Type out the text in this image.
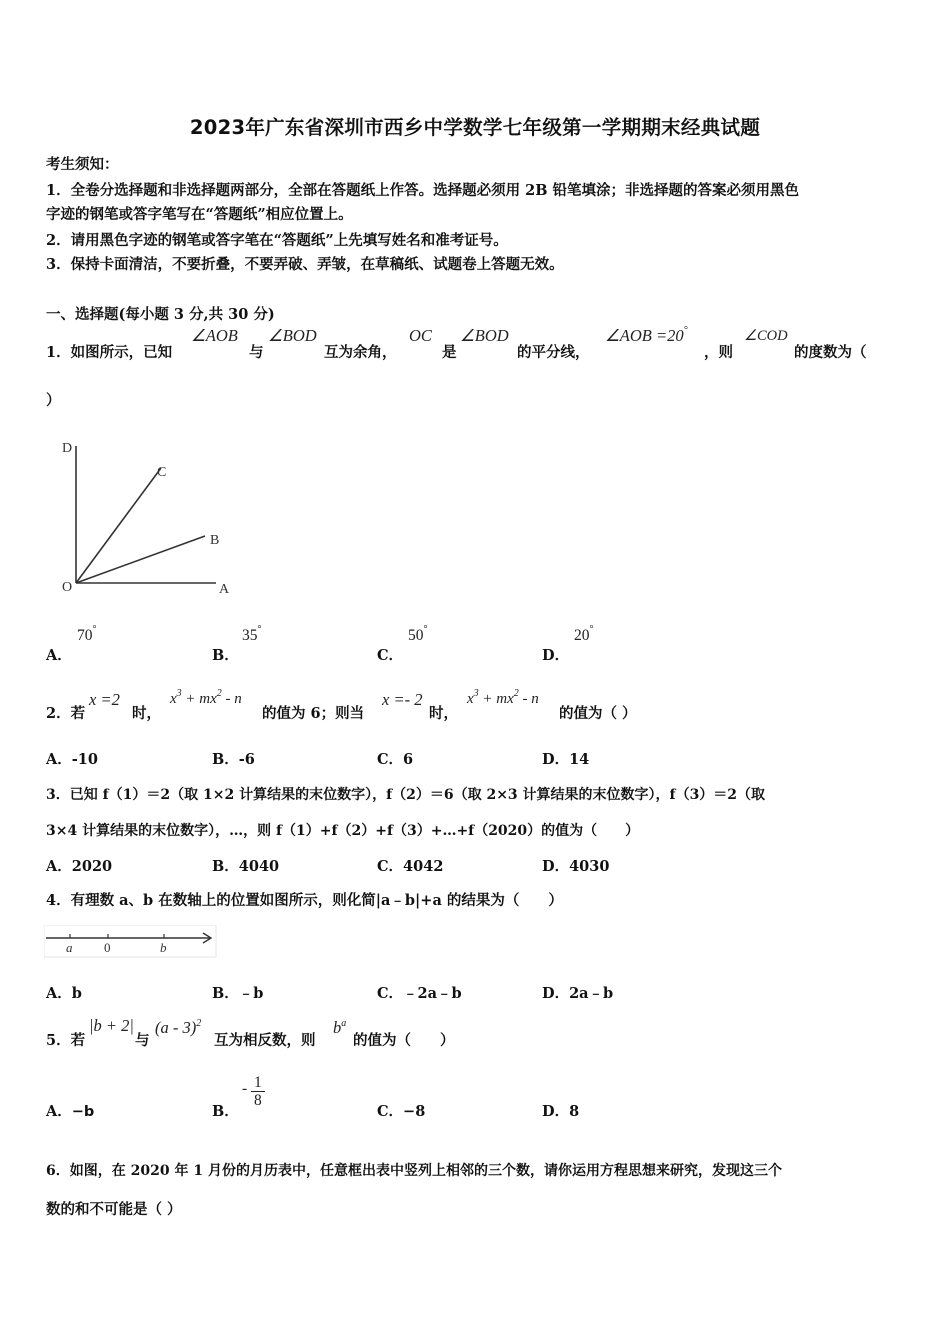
2023年广东省深圳市西乡中学数学七年级第一学期期末经典试题
考生须知：
1．全卷分选择题和非选择题两部分，全部在答题纸上作答。选择题必须用 2B 铅笔填涂；非选择题的答案必须用黑色
字迹的钢笔或答字笔写在“答题纸”相应位置上。
2．请用黑色字迹的钢笔或答字笔在“答题纸”上先填写姓名和准考证号。
3．保持卡面清洁，不要折叠，不要弄破、弄皱，在草稿纸、试题卷上答题无效。
一、选择题(每小题 3 分,共 30 分)
1．如图所示，已知
∠AOB
与
∠BOD
互为余角，
OC
是
∠BOD
的平分线，
∠AOB =20°
，则
∠COD
的度数为（
）
D
C
B
O	A
A．
70°
B．
35°
C．
50°
D．
20°
2．若
x =2
时，
$x^3 + mx^2 - n$
的值为 6；则当
x =- 2
时，
$x^3 + mx^2 - n$
的值为（ ）
A．-10	B．-6	C．6	D．14
3．已知 f（1）＝2（取 1×2 计算结果的末位数字），f（2）＝6（取 2×3 计算结果的末位数字），f（3）＝2（取
3×4 计算结果的末位数字），…，则 f（1）+f（2）+f（3）+…+f（2020）的值为（　　）
A．2020	B．4040	C．4042	D．4030
4．有理数 a、b 在数轴上的位置如图所示，则化简|a﹣b|+a 的结果为（　　）
a 0	b
A．b	B．﹣b	C．﹣2a﹣b	D．2a﹣b
5．若
|b + 2|
与
(a - 3)$^2$
互为相反数，则
$b^a$
的值为（　　）
A．−b	B．
- $\frac{1}{8}$
C．−8	D．8
6．如图，在 2020 年 1 月份的月历表中，任意框出表中竖列上相邻的三个数，请你运用方程思想来研究，发现这三个
数的和不可能是（ ）
